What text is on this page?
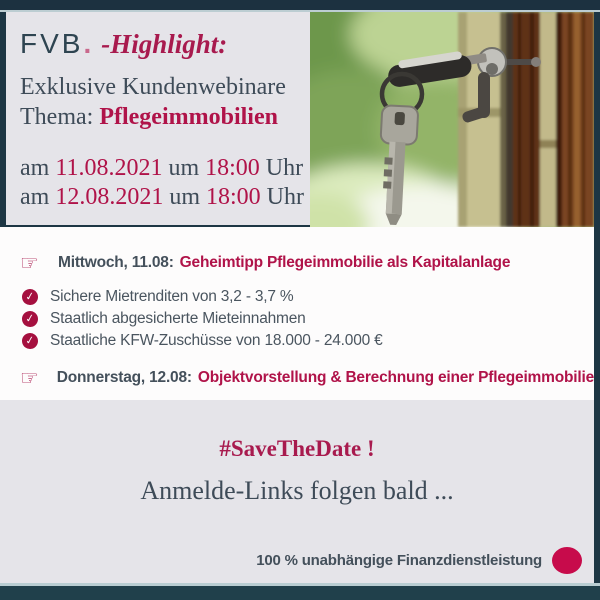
FVB. -Highlight:
Exklusive Kundenwebinare
Thema: Pflegeimmobilien
am 11.08.2021 um 18:00 Uhr
am 12.08.2021 um 18:00 Uhr
☞	Mittwoch, 11.08: Geheimtipp Pflegeimmobilie als Kapitalanlage
✓ Sichere Mietrenditen von 3,2 - 3,7 %
✓ Staatlich abgesicherte Mieteinnahmen
✓ Staatliche KFW-Zuschüsse von 18.000 - 24.000 €
☞	Donnerstag, 12.08: Objektvorstellung & Berechnung einer Pflegeimmobilie
#SaveTheDate !
Anmelde-Links folgen bald ...
100 % unabhängige Finanzdienstleistung
